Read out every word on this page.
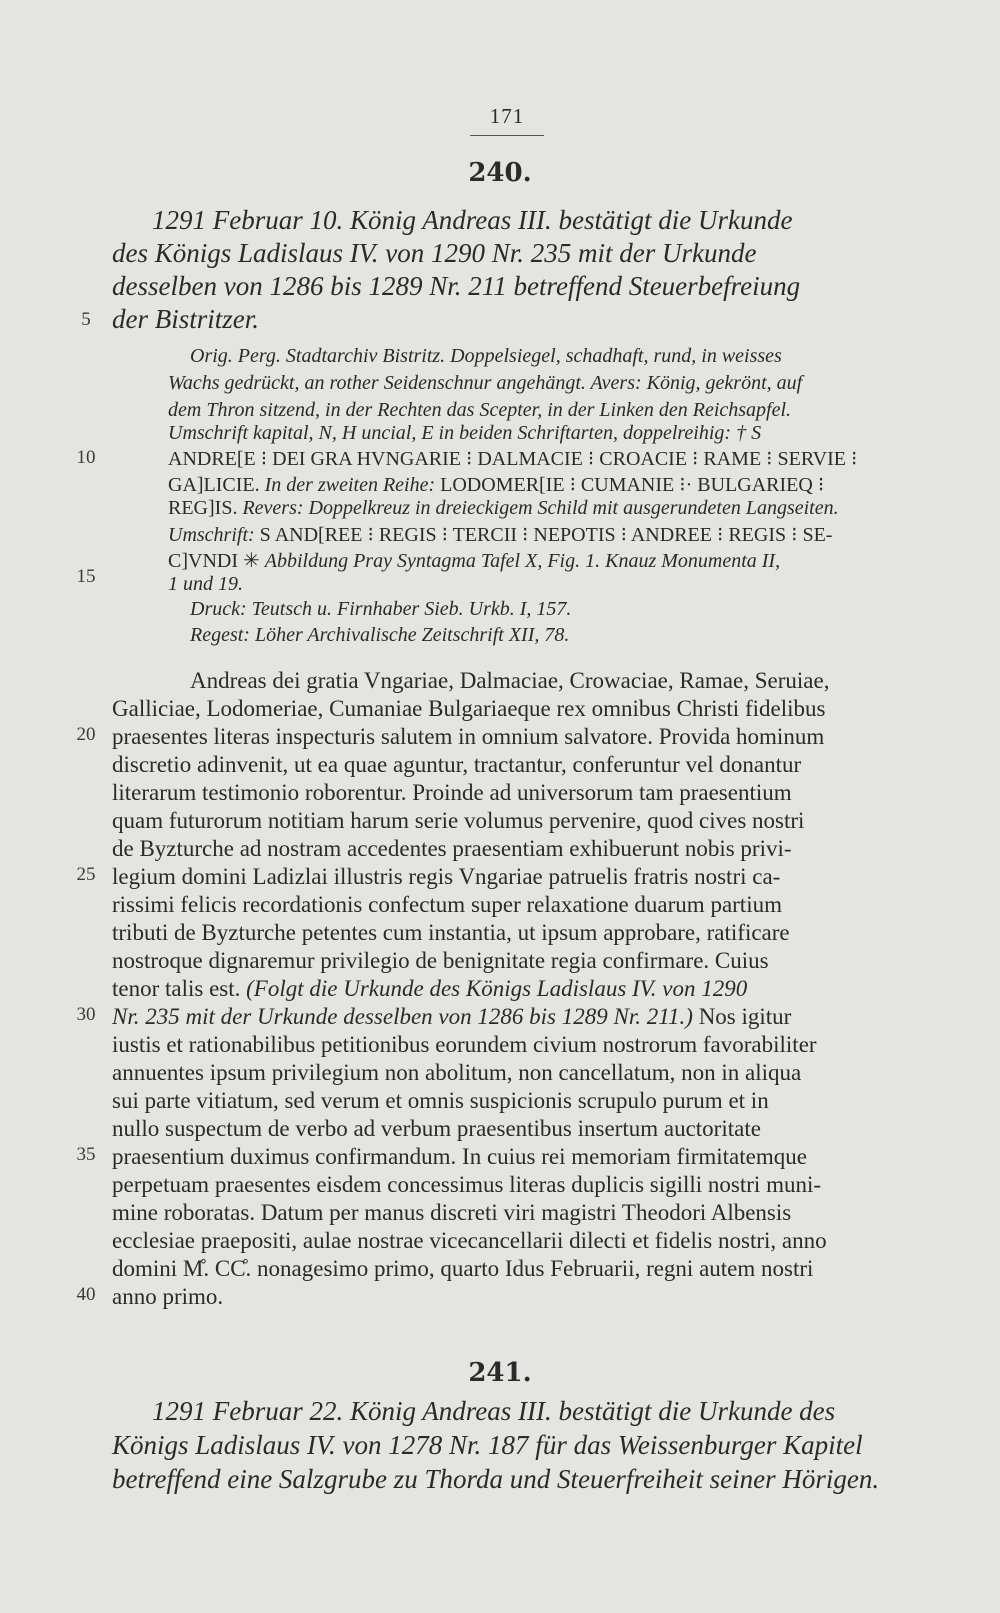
171
240.
1291 Februar 10. König Andreas III. bestätigt die Urkunde
des Königs Ladislaus IV. von 1290 Nr. 235 mit der Urkunde
desselben von 1286 bis 1289 Nr. 211 betreffend Steuerbefreiung
der Bistritzer.
Orig. Perg. Stadtarchiv Bistritz. Doppelsiegel, schadhaft, rund, in weisses
Wachs gedrückt, an rother Seidenschnur angehängt. Avers: König, gekrönt, auf
dem Thron sitzend, in der Rechten das Scepter, in der Linken den Reichsapfel.
Umschrift kapital, N, H uncial, E in beiden Schriftarten, doppelreihig: † S
ANDRE[E ⁝ DEI GRA HVNGARIE ⁝ DALMACIE ⁝ CROACIE ⁝ RAME ⁝ SERVIE ⁝
GA]LICIE. In der zweiten Reihe: LODOMER[IE ⁝ CUMANIE ⁝· BULGARIEQ ⁝
REG]IS. Revers: Doppelkreuz in dreieckigem Schild mit ausgerundeten Langseiten.
Umschrift: S AND[REE ⁝ REGIS ⁝ TERCII ⁝ NEPOTIS ⁝ ANDREE ⁝ REGIS ⁝ SE-
C]VNDI ✳ Abbildung Pray Syntagma Tafel X, Fig. 1. Knauz Monumenta II,
1 und 19.
Druck: Teutsch u. Firnhaber Sieb. Urkb. I, 157.
Regest: Löher Archivalische Zeitschrift XII, 78.
Andreas dei gratia Vngariae, Dalmaciae, Crowaciae, Ramae, Seruiae,
Galliciae, Lodomeriae, Cumaniae Bulgariaeque rex omnibus Christi fidelibus
praesentes literas inspecturis salutem in omnium salvatore. Provida hominum
discretio adinvenit, ut ea quae aguntur, tractantur, conferuntur vel donantur
literarum testimonio roborentur. Proinde ad universorum tam praesentium
quam futurorum notitiam harum serie volumus pervenire, quod cives nostri
de Byzturche ad nostram accedentes praesentiam exhibuerunt nobis privi-
legium domini Ladizlai illustris regis Vngariae patruelis fratris nostri ca-
rissimi felicis recordationis confectum super relaxatione duarum partium
tributi de Byzturche petentes cum instantia, ut ipsum approbare, ratificare
nostroque dignaremur privilegio de benignitate regia confirmare. Cuius
tenor talis est. (Folgt die Urkunde des Königs Ladislaus IV. von 1290
Nr. 235 mit der Urkunde desselben von 1286 bis 1289 Nr. 211.) Nos igitur
iustis et rationabilibus petitionibus eorundem civium nostrorum favorabiliter
annuentes ipsum privilegium non abolitum, non cancellatum, non in aliqua
sui parte vitiatum, sed verum et omnis suspicionis scrupulo purum et in
nullo suspectum de verbo ad verbum praesentibus insertum auctoritate
praesentium duximus confirmandum. In cuius rei memoriam firmitatemque
perpetuam praesentes eisdem concessimus literas duplicis sigilli nostri muni-
mine roboratas. Datum per manus discreti viri magistri Theodori Albensis
ecclesiae praepositi, aulae nostrae vicecancellarii dilecti et fidelis nostri, anno
domini M̊. CC̊. nonagesimo primo, quarto Idus Februarii, regni autem nostri
anno primo.
241.
1291 Februar 22. König Andreas III. bestätigt die Urkunde des
Königs Ladislaus IV. von 1278 Nr. 187 für das Weissenburger Kapitel
betreffend eine Salzgrube zu Thorda und Steuerfreiheit seiner Hörigen.
5
10
15
20
25
30
35
40
